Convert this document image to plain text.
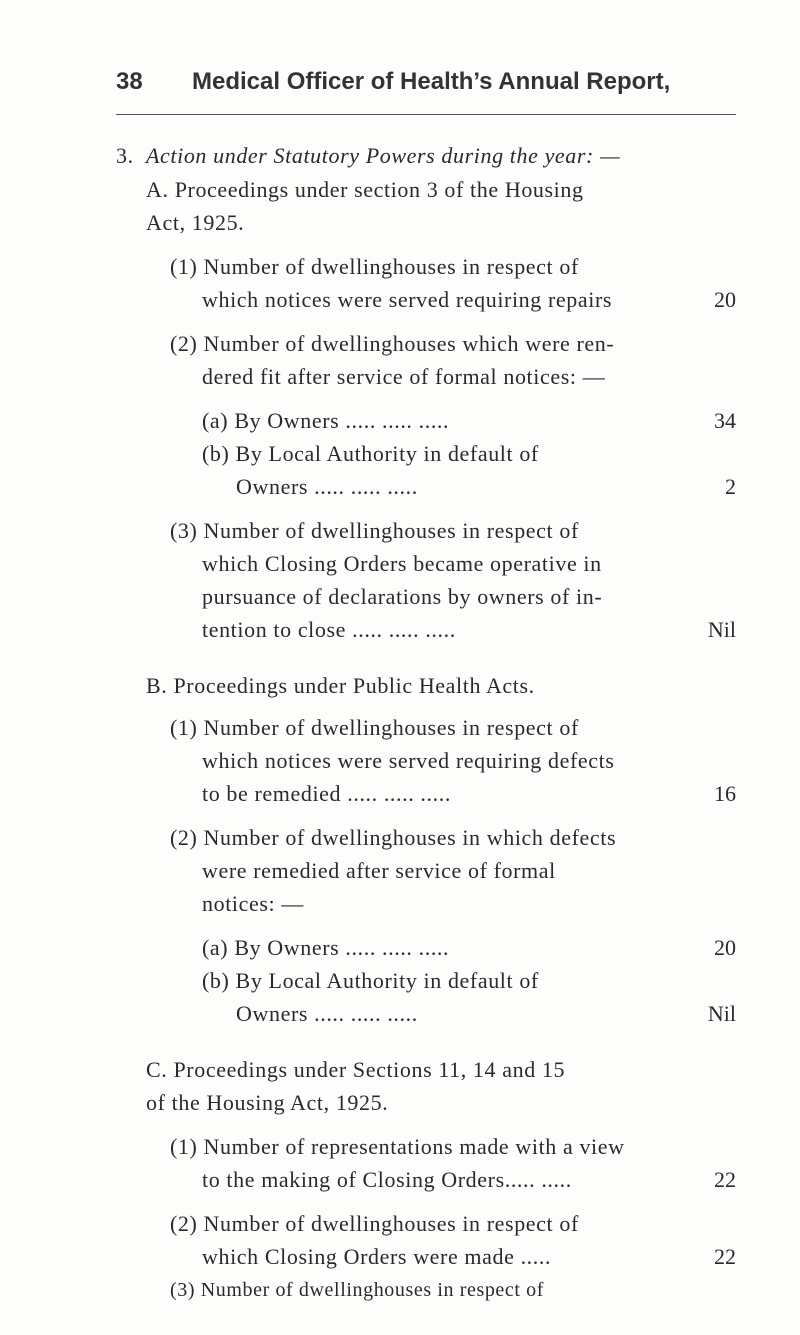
38 Medical Officer of Health’s Annual Report,
3. Action under Statutory Powers during the year: —
A. Proceedings under section 3 of the Housing
Act, 1925.
(1) Number of dwellinghouses in respect of
which notices were served requiring repairs	20
(2) Number of dwellinghouses which were ren-
dered fit after service of formal notices: —
(a) By Owners ..... ..... .....	34
(b) By Local Authority in default of
Owners ..... ..... .....	2
(3) Number of dwellinghouses in respect of
which Closing Orders became operative in
pursuance of declarations by owners of in-
tention to close ..... ..... .....	Nil
B. Proceedings under Public Health Acts.
(1) Number of dwellinghouses in respect of
which notices were served requiring defects
to be remedied ..... ..... .....	16
(2) Number of dwellinghouses in which defects
were remedied after service of formal
notices: —
(a) By Owners ..... ..... .....	20
(b) By Local Authority in default of
Owners ..... ..... .....	Nil
C. Proceedings under Sections 11, 14 and 15
of the Housing Act, 1925.
(1) Number of representations made with a view
to the making of Closing Orders..... .....	22
(2) Number of dwellinghouses in respect of
which Closing Orders were made .....	22
(3) Number of dwellinghouses in respect of
